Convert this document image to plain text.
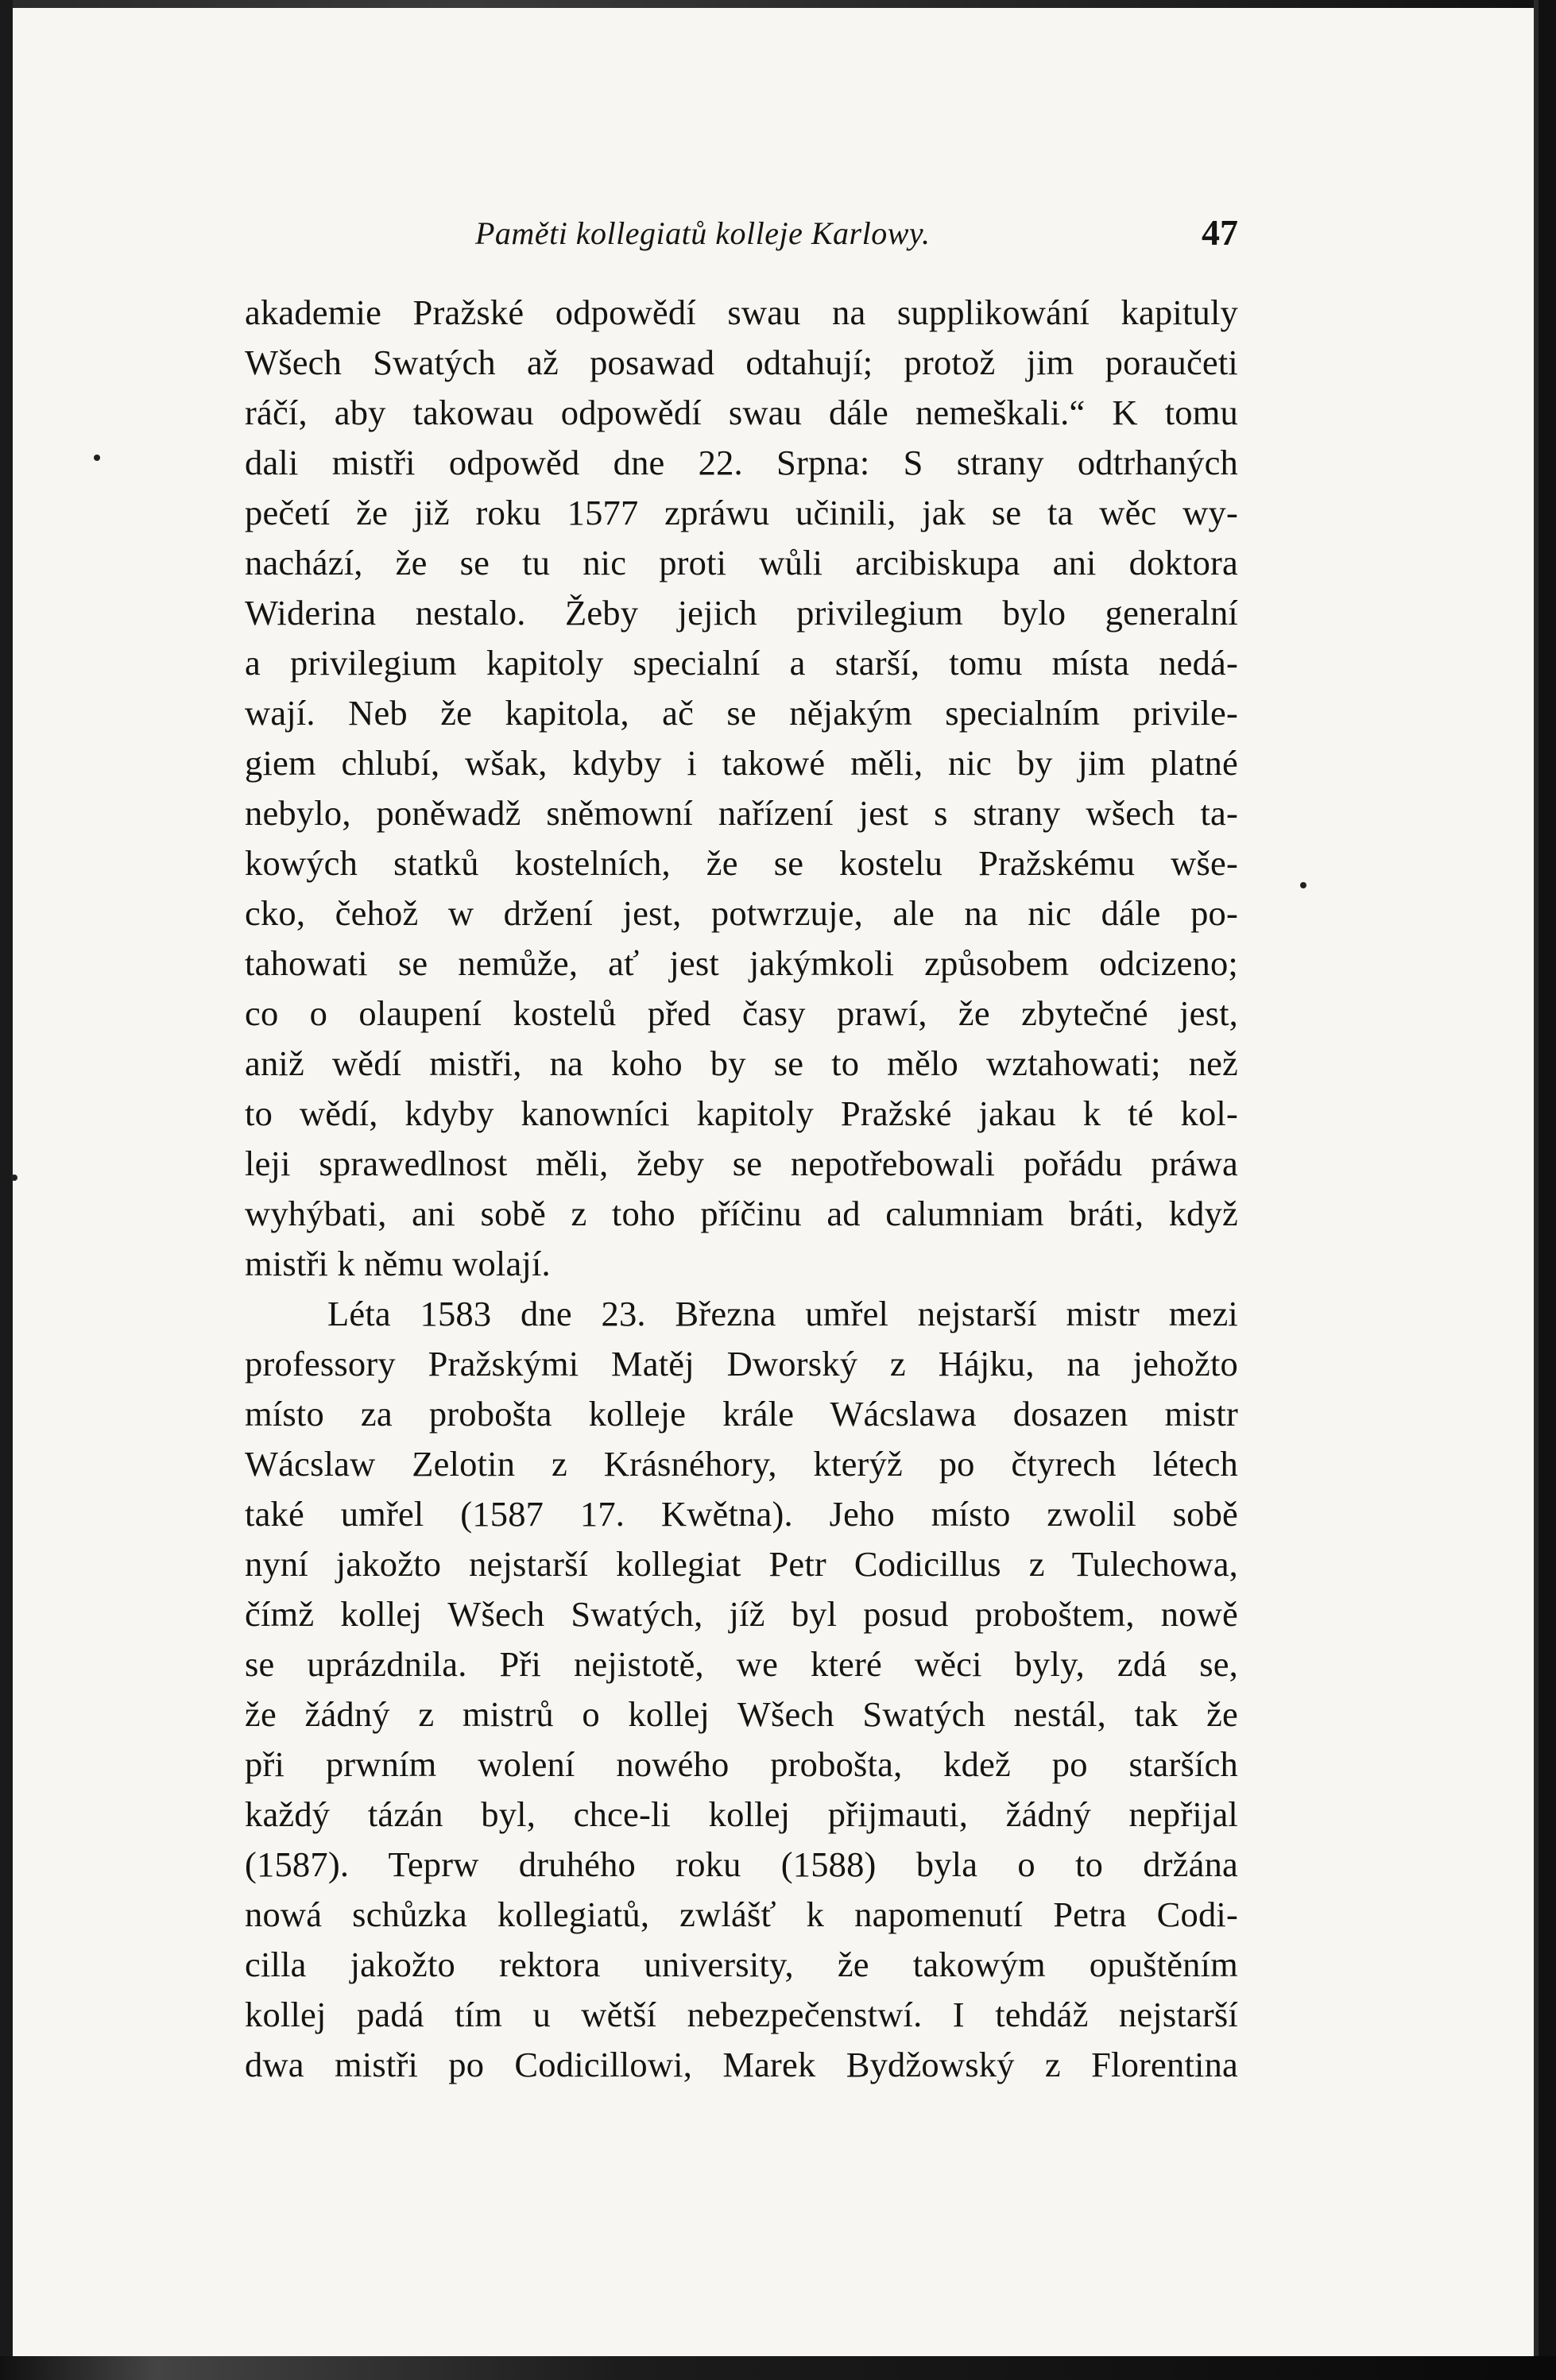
Paměti kollegiatů kolleje Karlowy.	47
akademie Pražské odpowědí swau na supplikowání kapituly
Wšech Swatých až posawad odtahují; protož jim poraučeti
ráčí, aby takowau odpowědí swau dále nemeškali.“ K tomu
dali mistři odpowěd dne 22. Srpna: S strany odtrhaných
pečetí že již roku 1577 zpráwu učinili, jak se ta wěc wy-
nachází, že se tu nic proti wůli arcibiskupa ani doktora
Widerina nestalo. Žeby jejich privilegium bylo generalní
a privilegium kapitoly specialní a starší, tomu místa nedá-
wají. Neb že kapitola, ač se nějakým specialním privile-
giem chlubí, wšak, kdyby i takowé měli, nic by jim platné
nebylo, poněwadž sněmowní nařízení jest s strany wšech ta-
kowých statků kostelních, že se kostelu Pražskému wše-
cko, čehož w držení jest, potwrzuje, ale na nic dále po-
tahowati se nemůže, ať jest jakýmkoli způsobem odcizeno;
co o olaupení kostelů před časy prawí, že zbytečné jest,
aniž wědí mistři, na koho by se to mělo wztahowati; než
to wědí, kdyby kanowníci kapitoly Pražské jakau k té kol-
leji sprawedlnost měli, žeby se nepotřebowali pořádu práwa
wyhýbati, ani sobě z toho příčinu ad calumniam bráti, když
mistři k němu wolají.
Léta 1583 dne 23. Března umřel nejstarší mistr mezi
professory Pražskými Matěj Dworský z Hájku, na jehožto
místo za probošta kolleje krále Wácslawa dosazen mistr
Wácslaw Zelotin z Krásnéhory, kterýž po čtyrech létech
také umřel (1587 17. Kwětna). Jeho místo zwolil sobě
nyní jakožto nejstarší kollegiat Petr Codicillus z Tulechowa,
čímž kollej Wšech Swatých, jíž byl posud proboštem, nowě
se uprázdnila. Při nejistotě, we které wěci byly, zdá se,
že žádný z mistrů o kollej Wšech Swatých nestál, tak že
při prwním wolení nowého probošta, kdež po starších
každý tázán byl, chce-li kollej přijmauti, žádný nepřijal
(1587). Teprw druhého roku (1588) byla o to držána
nowá schůzka kollegiatů, zwlášť k napomenutí Petra Codi-
cilla jakožto rektora university, že takowým opuštěním
kollej padá tím u wětší nebezpečenstwí. I tehdáž nejstarší
dwa mistři po Codicillowi, Marek Bydžowský z Florentina
